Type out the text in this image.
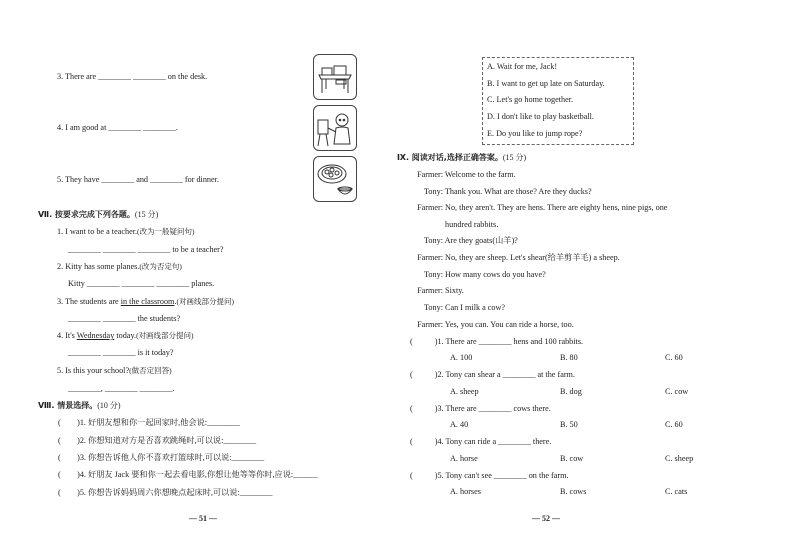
3. There are ________ ________ on the desk.
4. I am good at ________ ________.
5. They have ________ and ________ for dinner.
Ⅶ. 按要求完成下列各题。(15 分)
1. I want to be a teacher.(改为一般疑问句)
________ ________ ________ to be a teacher?
2. Kitty has some planes.(改为否定句)
Kitty ________ ________ ________ planes.
3. The students are in the classroom.(对画线部分提问)
________ ________ the students?
4. It's Wednesday today.(对画线部分提问)
________ ________ is it today?
5. Is this your school?(做否定回答)
________, ________ ________.
Ⅷ. 情景选择。(10 分)
(        )1. 好朋友想和你一起回家时,他会说:________
(        )2. 你想知道对方是否喜欢跳绳时,可以说:________
(        )3. 你想告诉他人你不喜欢打篮球时,可以说:________
(        )4. 好朋友 Jack 要和你一起去看电影,你想让他等等你时,应说:______
(        )5. 你想告诉妈妈周六你想晚点起床时,可以说:________
— 51 —
A. Wait for me, Jack!
B. I want to get up late on Saturday.
C. Let's go home together.
D. I don't like to play basketball.
E. Do you like to jump rope?
Ⅸ. 阅读对话,选择正确答案。(15 分)
Farmer: Welcome to the farm.
Tony: Thank you. What are those? Are they ducks?
Farmer: No, they aren't. They are hens. There are eighty hens, nine pigs, one
hundred rabbits.
Tony: Are they goats(山羊)?
Farmer: No, they are sheep. Let's shear(给羊剪羊毛) a sheep.
Tony: How many cows do you have?
Farmer: Sixty.
Tony: Can I milk a cow?
Farmer: Yes, you can. You can ride a horse, too.
(	)1. There are ________ hens and 100 rabbits.
A. 100	B. 80	C. 60
(	)2. Tony can shear a ________ at the farm.
A. sheep	B. dog	C. cow
(	)3. There are ________ cows there.
A. 40	B. 50	C. 60
(	)4. Tony can ride a ________ there.
A. horse	B. cow	C. sheep
(	)5. Tony can't see ________ on the farm.
A. horses	B. cows	C. cats
— 52 —
